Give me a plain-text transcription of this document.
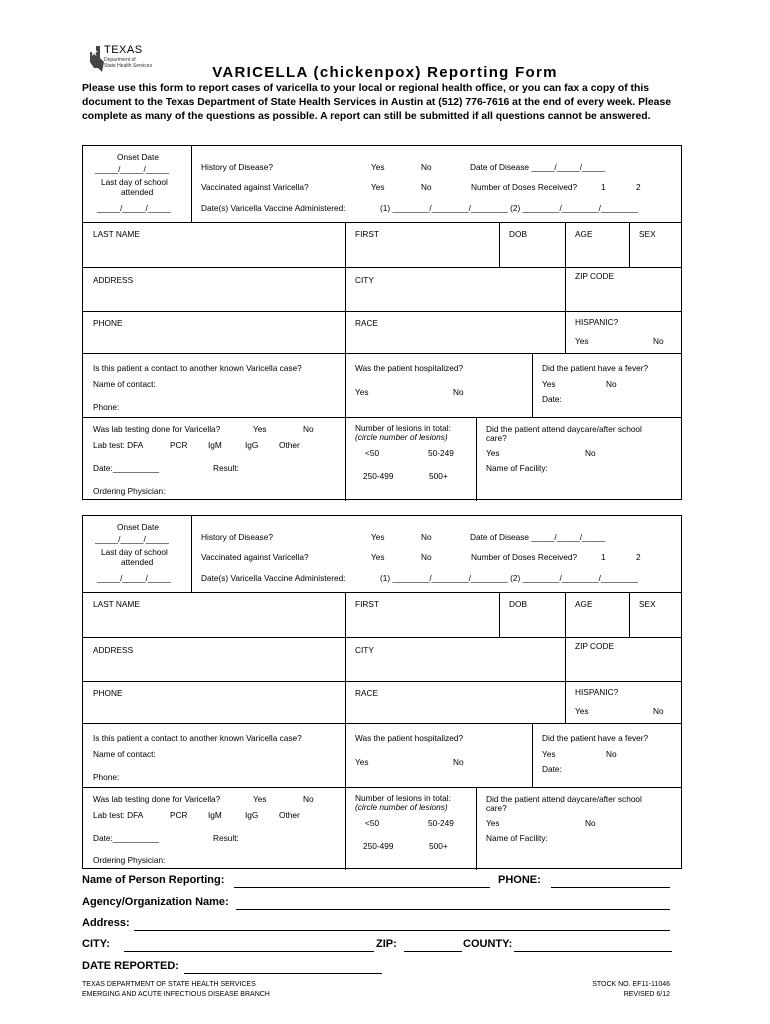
TEXAS
Department of
State Health Services	VARICELLA (chickenpox) Reporting Form
Please use this form to report cases of varicella to your local or regional health office, or you can fax a copy of this document to the Texas Department of State Health Services in Austin at (512) 776-7616 at the end of every week. Please complete as many of the questions as possible. A report can still be submitted if all questions cannot be answered.
Onset Date
_____/_____/_____
Last day of school
attended
_____/_____/_____
History of Disease?	Yes	No	Date of Disease _____/_____/_____
Vaccinated against Varicella?	Yes	No	Number of Doses Received?	1	2
Date(s) Varicella Vaccine Administered:	(1) ________/________/________ (2) ________/________/________
LAST NAME	FIRST	DOB	AGE	SEX
ADDRESS	CITY	ZIP CODE
PHONE	RACE	HISPANIC?
Yes	No
Is this patient a contact to another known Varicella case?
Name of contact:
Phone:
Was the patient hospitalized?
Yes	No
Did the patient have a fever?
Yes	No
Date:
Was lab testing done for Varicella?	Yes	No
Lab test: DFA	PCR IgM	IgG Other
Date:__________	Result:
Ordering Physician:
Number of lesions in total:
(circle number of lesions)
<50	50-249
250-499	500+
Did the patient attend daycare/after school
care?
Yes	No
Name of Facility:
Onset Date
_____/_____/_____
Last day of school
attended
_____/_____/_____
History of Disease?	Yes	No	Date of Disease _____/_____/_____
Vaccinated against Varicella?	Yes	No	Number of Doses Received?	1	2
Date(s) Varicella Vaccine Administered:	(1) ________/________/________ (2) ________/________/________
LAST NAME	FIRST	DOB	AGE	SEX
ADDRESS	CITY	ZIP CODE
PHONE	RACE	HISPANIC?
Yes	No
Is this patient a contact to another known Varicella case?
Name of contact:
Phone:
Was the patient hospitalized?
Yes	No
Did the patient have a fever?
Yes	No
Date:
Was lab testing done for Varicella?	Yes	No
Lab test: DFA	PCR IgM	IgG Other
Date:__________	Result:
Ordering Physician:
Number of lesions in total:
(circle number of lesions)
<50	50-249
250-499	500+
Did the patient attend daycare/after school
care?
Yes	No
Name of Facility:
Name of Person Reporting:	PHONE:
Agency/Organization Name:
Address:
CITY:	ZIP:	COUNTY:
DATE REPORTED:
TEXAS DEPARTMENT OF STATE HEALTH SERVICES
EMERGING AND ACUTE INFECTIOUS DISEASE BRANCH
STOCK NO. EF11-11046
REVISED 6/12
